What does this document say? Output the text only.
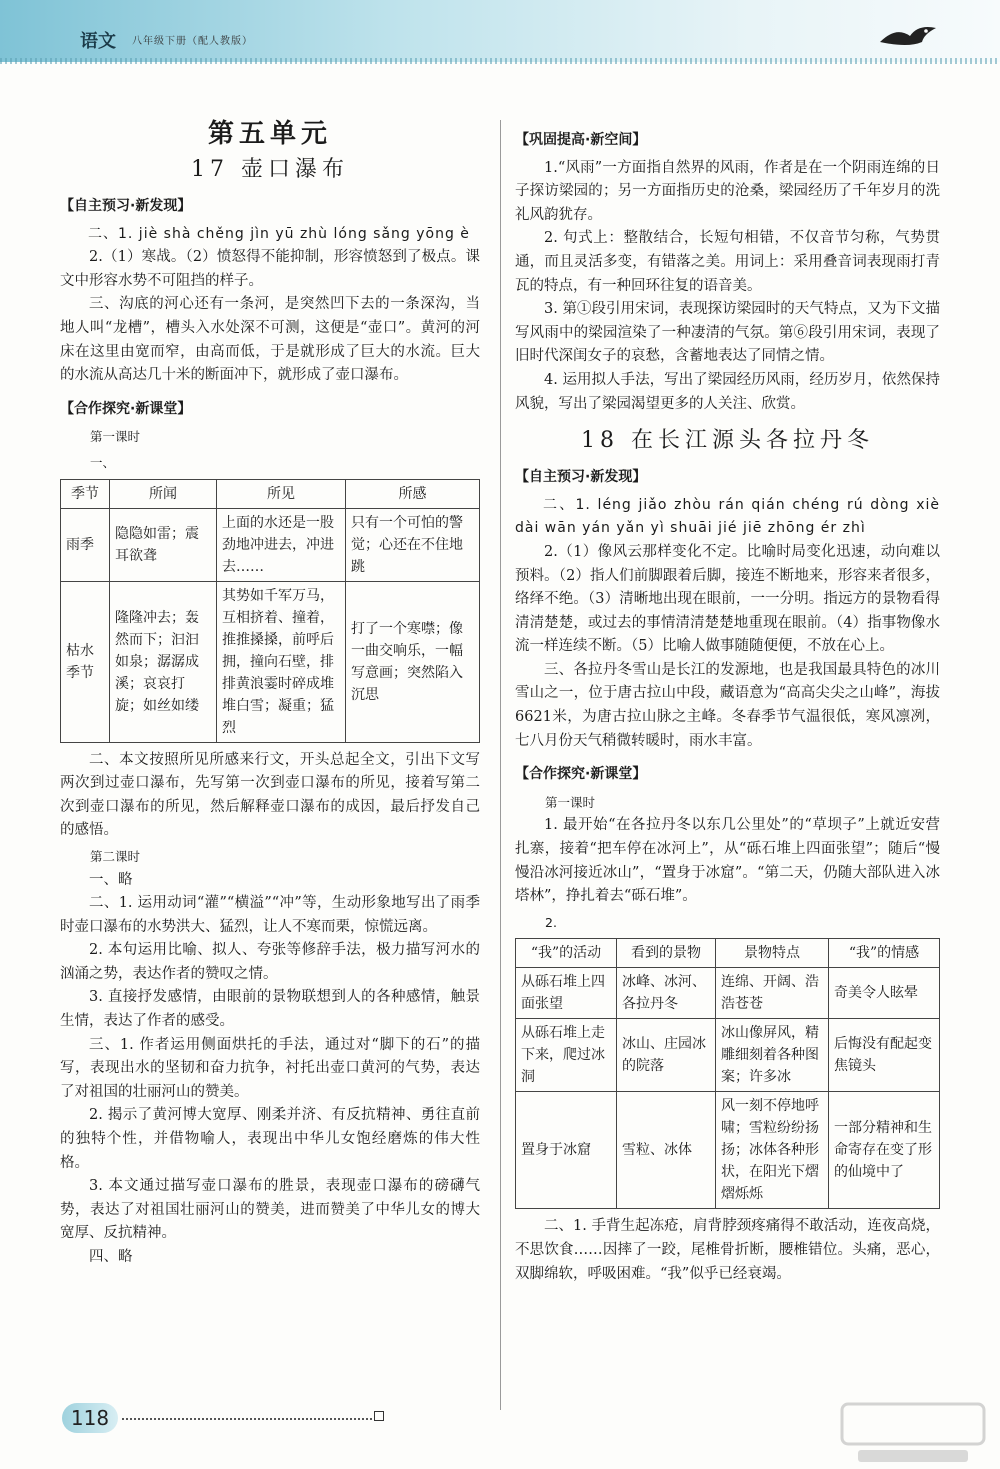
语文 八年级下册（配人教版）
第五单元
17 壶口瀑布
【自主预习·新发现】

二、1. jiè shà chěng jìn yū zhù lóng sǎng yōng è

2.（1）寒战。（2）愤怒得不能抑制，形容愤怒到了极点。课文中形容水势不可阻挡的样子。

三、沟底的河心还有一条河，是突然凹下去的一条深沟，当地人叫“龙槽”，槽头入水处深不可测，这便是“壶口”。黄河的河床在这里由宽而窄，由高而低，于是就形成了巨大的水流。巨大的水流从高达几十米的断面冲下，就形成了壶口瀑布。

【合作探究·新课堂】
第一课时
一、
季节	所闻	所见	所感
雨季	隐隐如雷；震耳欲聋	上面的水还是一股劲地冲进去，冲进去……	只有一个可怕的警觉；心还在不住地跳
枯水季节	隆隆冲去；轰然而下；汩汩如泉；潺潺成溪；哀哀打旋；如丝如缕	其势如千军万马，互相挤着、撞着，推推搡搡，前呼后拥，撞向石壁，排排黄浪霎时碎成堆堆白雪；凝重；猛烈	打了一个寒噤；像一曲交响乐，一幅写意画；突然陷入沉思

二、本文按照所见所感来行文，开头总起全文，引出下文写两次到过壶口瀑布，先写第一次到壶口瀑布的所见，接着写第二次到壶口瀑布的所见，然后解释壶口瀑布的成因，最后抒发自己的感悟。

第二课时

一、略

二、1. 运用动词“灌”“横溢”“冲”等，生动形象地写出了雨季时壶口瀑布的水势洪大、猛烈，让人不寒而栗，惊慌远离。

2. 本句运用比喻、拟人、夸张等修辞手法，极力描写河水的汹涌之势，表达作者的赞叹之情。

3. 直接抒发感情，由眼前的景物联想到人的各种感情，触景生情，表达了作者的感受。

三、1. 作者运用侧面烘托的手法，通过对“脚下的石”的描写，表现出水的坚韧和奋力抗争，衬托出壶口黄河的气势，表达了对祖国的壮丽河山的赞美。

2. 揭示了黄河博大宽厚、刚柔并济、有反抗精神、勇往直前的独特个性，并借物喻人，表现出中华儿女饱经磨炼的伟大性格。

3. 本文通过描写壶口瀑布的胜景，表现壶口瀑布的磅礴气势，表达了对祖国壮丽河山的赞美，进而赞美了中华儿女的博大宽厚、反抗精神。

四、略

【巩固提高·新空间】

1.“风雨”一方面指自然界的风雨，作者是在一个阴雨连绵的日子探访梁园的；另一方面指历史的沧桑，梁园经历了千年岁月的洗礼风韵犹存。

2. 句式上：整散结合，长短句相错，不仅音节匀称，气势贯通，而且灵活多变，有错落之美。用词上：采用叠音词表现雨打青瓦的特点，有一种回环往复的语音美。

3. 第①段引用宋词，表现探访梁园时的天气特点，又为下文描写风雨中的梁园渲染了一种凄清的气氛。第⑥段引用宋词，表现了旧时代深闺女子的哀愁，含蓄地表达了同情之情。

4. 运用拟人手法，写出了梁园经历风雨，经历岁月，依然保持风貌，写出了梁园渴望更多的人关注、欣赏。

18 在长江源头各拉丹冬
【自主预习·新发现】

二、1. léng jiǎo zhòu rán qián chéng rú dòng xiè dài wān yán yǎn yì shuāi jié jiē zhōng ér zhì

2.（1）像风云那样变化不定。比喻时局变化迅速，动向难以预料。（2）指人们前脚跟着后脚，接连不断地来，形容来者很多，络绎不绝。（3）清晰地出现在眼前，一一分明。指远方的景物看得清清楚楚，或过去的事情清清楚楚地重现在眼前。（4）指事物像水流一样连续不断。（5）比喻人做事随随便便，不放在心上。

三、各拉丹冬雪山是长江的发源地，也是我国最具特色的冰川雪山之一，位于唐古拉山中段，藏语意为“高高尖尖之山峰”，海拔6621米，为唐古拉山脉之主峰。冬春季节气温很低，寒风凛冽，七八月份天气稍微转暖时，雨水丰富。

【合作探究·新课堂】
第一课时

1. 最开始“在各拉丹冬以东几公里处”的“草坝子”上就近安营扎寨，接着“把车停在冰河上”，从“砾石堆上四面张望”；随后“慢慢沿冰河接近冰山”，“置身于冰窟”。“第二天，仍随大部队进入冰塔林”，挣扎着去“砾石堆”。

2.
“我”的活动	看到的景物	景物特点	“我”的情感
从砾石堆上四面张望	冰峰、冰河、各拉丹冬	连绵、开阔、浩浩苍苍	奇美令人眩晕
从砾石堆上走下来，爬过冰洞	冰山、庄园冰的院落	冰山像屏风，精雕细刻着各种图案；许多冰	后悔没有配起变焦镜头
置身于冰窟	雪粒、冰体	风一刻不停地呼啸；雪粒纷纷扬扬；冰体各种形状，在阳光下熠熠烁烁	一部分精神和生命寄存在变了形的仙境中了

二、1. 手背生起冻疮，肩背脖颈疼痛得不敢活动，连夜高烧，不思饮食……因摔了一跤，尾椎骨折断，腰椎错位。头痛，恶心，双脚绵软，呼吸困难。“我”似乎已经衰竭。

118
